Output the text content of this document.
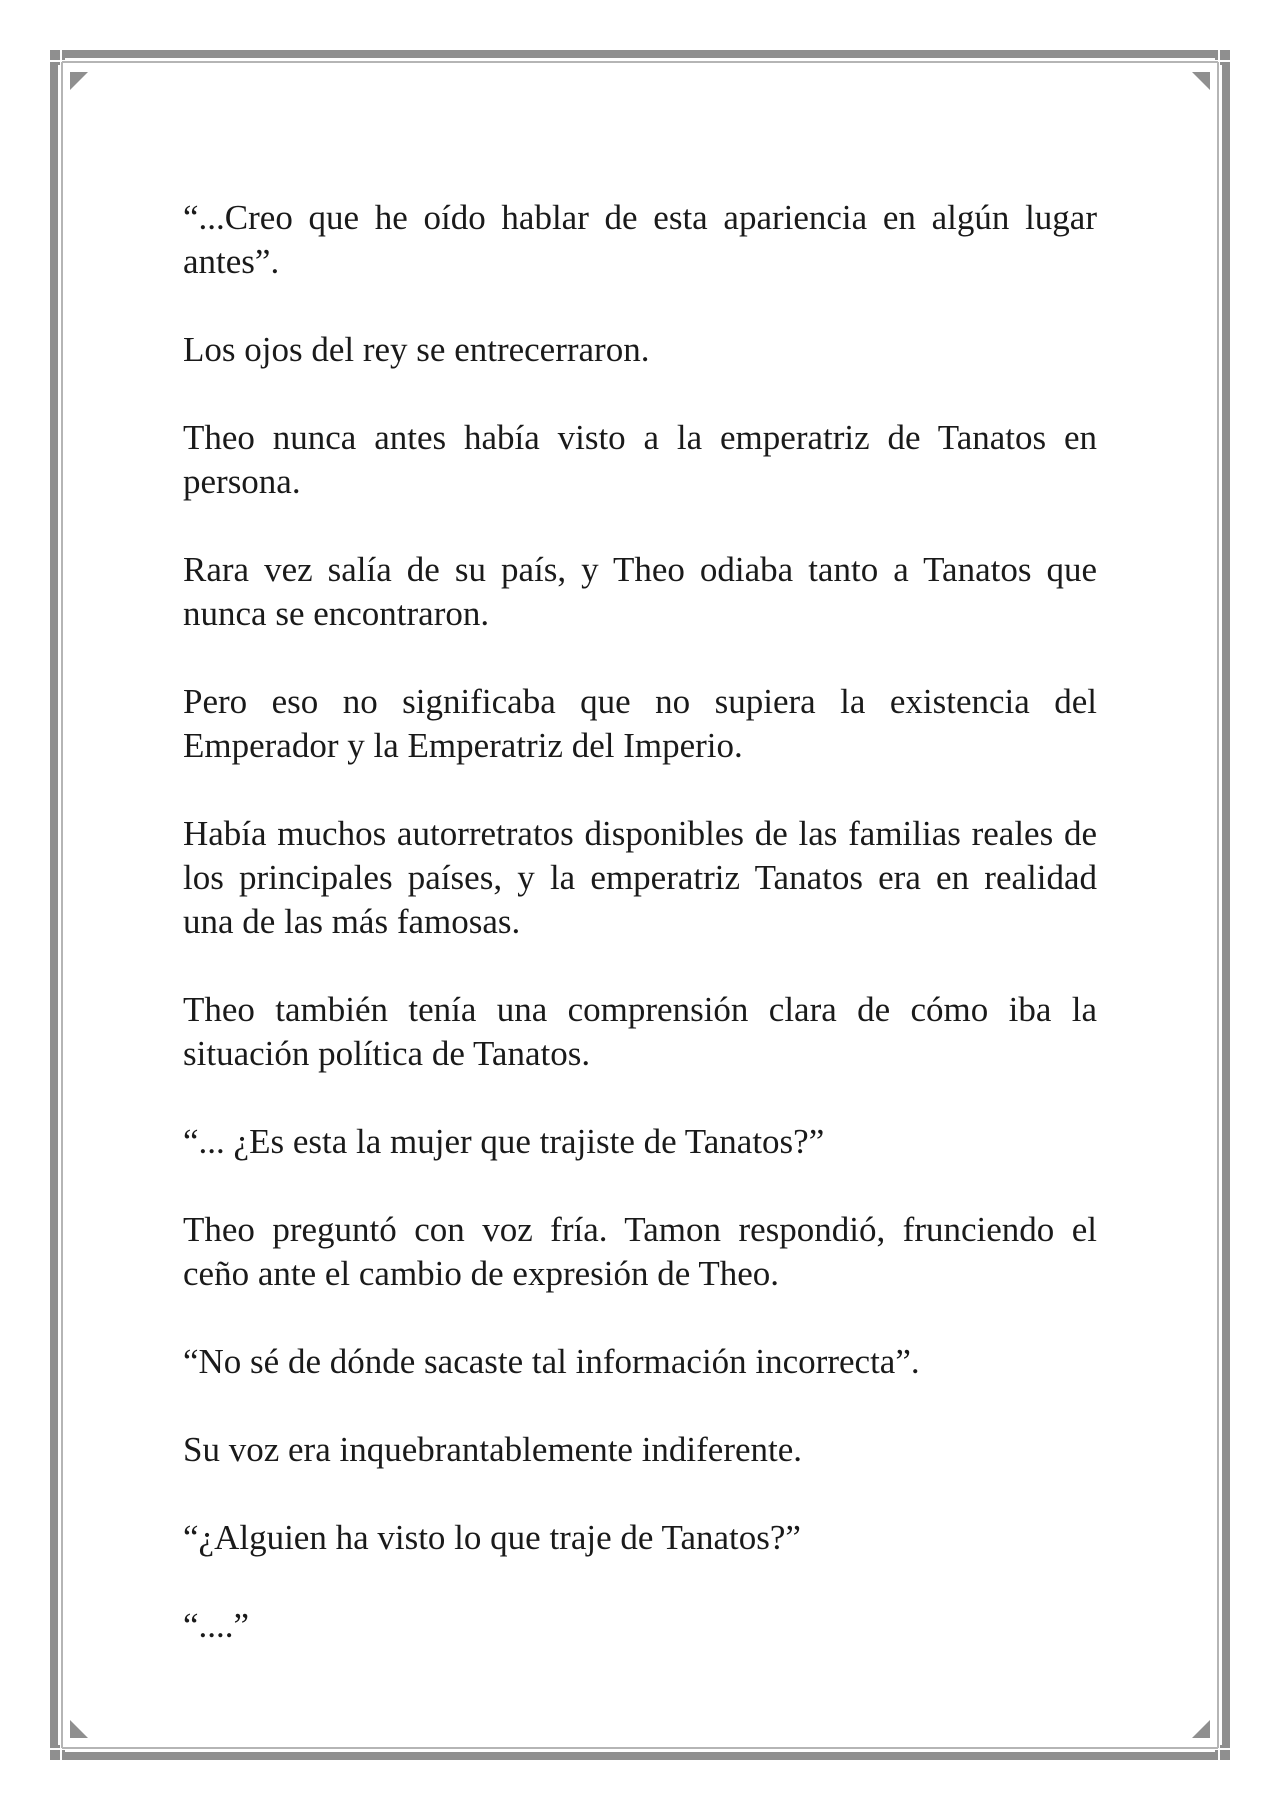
“...Creo que he oído hablar de esta apariencia en algún lugar antes”.

Los ojos del rey se entrecerraron.

Theo nunca antes había visto a la emperatriz de Tanatos en persona.

Rara vez salía de su país, y Theo odiaba tanto a Tanatos que nunca se encontraron.

Pero eso no significaba que no supiera la existencia del Emperador y la Emperatriz del Imperio.

Había muchos autorretratos disponibles de las familias reales de los principales países, y la emperatriz Tanatos era en realidad una de las más famosas.

Theo también tenía una comprensión clara de cómo iba la situación política de Tanatos.

“... ¿Es esta la mujer que trajiste de Tanatos?”

Theo preguntó con voz fría. Tamon respondió, frunciendo el ceño ante el cambio de expresión de Theo.

“No sé de dónde sacaste tal información incorrecta”.

Su voz era inquebrantablemente indiferente.

“¿Alguien ha visto lo que traje de Tanatos?”

“....”
